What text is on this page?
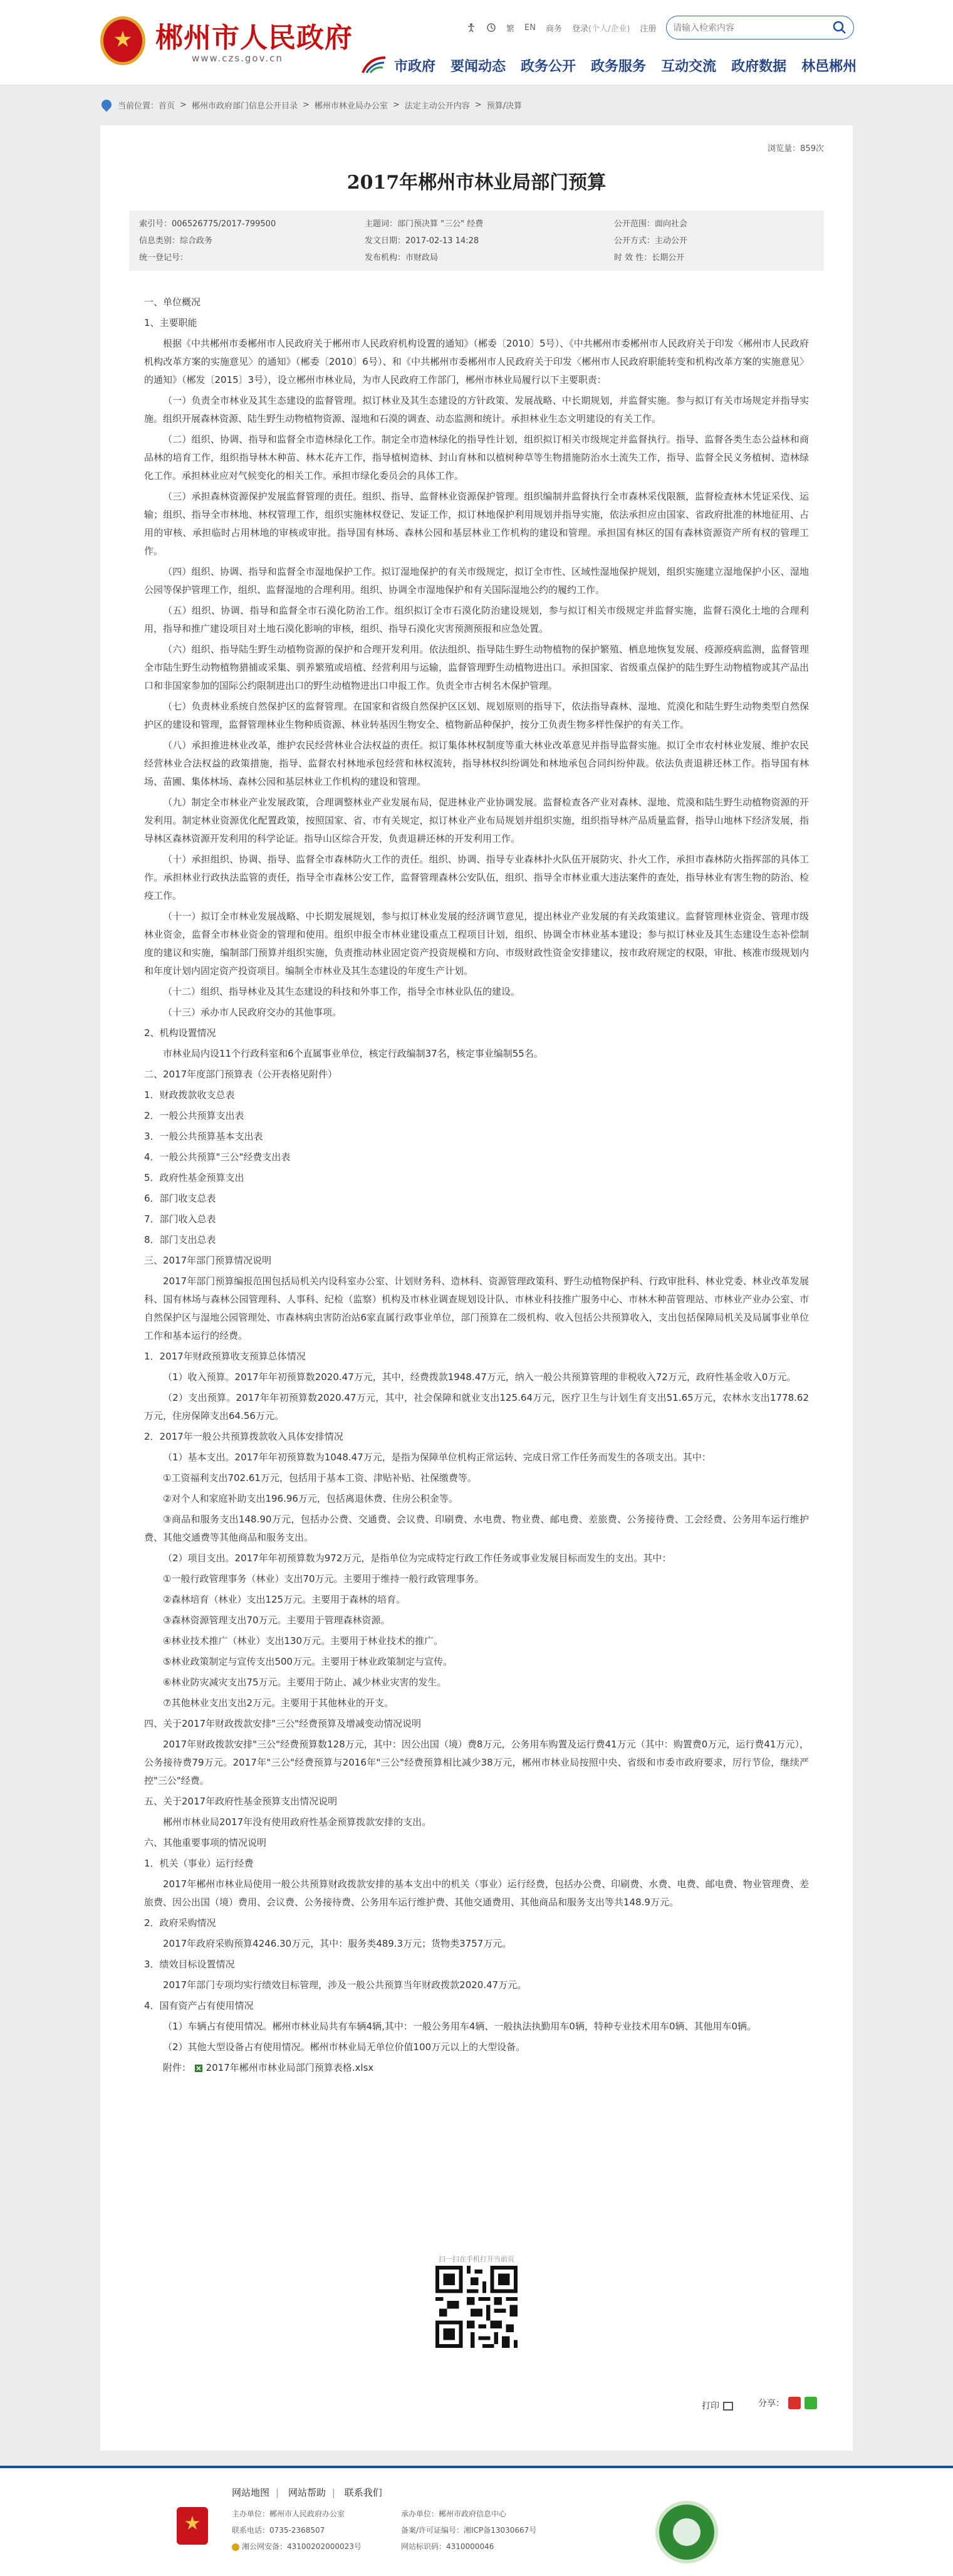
郴州市人民政府
www.czs.gov.cn
繁 EN 商务 登录 (个人/企业) 注册
请输入检索内容
市政府 要闻动态 政务公开 政务服务 互动交流 政府数据 林邑郴州
当前位置： 首页 > 郴州市政府部门信息公开目录 > 郴州市林业局办公室 > 法定主动公开内容 > 预算/决算
浏览量：859次
2017年郴州市林业局部门预算
索引号：006526775/2017-799500
信息类别：综合政务
统一登记号：
主题词：部门预决算 "三公" 经费
发文日期：2017-02-13 14:28
发布机构：市财政局
公开范围：面向社会
公开方式：主动公开
时 效 性：长期公开

一、单位概况

1、主要职能

根据《中共郴州市委郴州市人民政府关于郴州市人民政府机构设置的通知》（郴委〔2010〕5号）、《中共郴州市委郴州市人民政府关于印发〈郴州市人民政府机构改革方案的实施意见〉的通知》（郴委〔2010〕6号）、和《中共郴州市委郴州市人民政府关于印发〈郴州市人民政府职能转变和机构改革方案的实施意见〉的通知》（郴发〔2015〕3号），设立郴州市林业局，为市人民政府工作部门，郴州市林业局履行以下主要职责：

（一）负责全市林业及其生态建设的监督管理。拟订林业及其生态建设的方针政策、发展战略、中长期规划，并监督实施。参与拟订有关市场规定并指导实施。组织开展森林资源、陆生野生动物植物资源、湿地和石漠的调查、动态监测和统计。承担林业生态文明建设的有关工作。

（二）组织、协调、指导和监督全市造林绿化工作。制定全市造林绿化的指导性计划，组织拟订相关市级规定并监督执行。指导、监督各类生态公益林和商品林的培育工作，组织指导林木种苗、林木花卉工作，指导植树造林、封山育林和以植树种草等生物措施防治水土流失工作，指导、监督全民义务植树、造林绿化工作。承担林业应对气候变化的相关工作。承担市绿化委员会的具体工作。

（三）承担森林资源保护发展监督管理的责任。组织、指导、监督林业资源保护管理。组织编制并监督执行全市森林采伐限额，监督检查林木凭证采伐、运输；组织、指导全市林地、林权管理工作，组织实施林权登记、发证工作，拟订林地保护利用规划并指导实施，依法承担应由国家、省政府批准的林地征用、占用的审核、承担临时占用林地的审核或审批。指导国有林场、森林公园和基层林业工作机构的建设和管理。承担国有林区的国有森林资源资产所有权的管理工作。

（四）组织、协调、指导和监督全市湿地保护工作。拟订湿地保护的有关市级规定，拟订全市性、区域性湿地保护规划，组织实施建立湿地保护小区、湿地公园等保护管理工作，组织、监督湿地的合理利用。组织、协调全市湿地保护和有关国际湿地公约的履约工作。

（五）组织、协调、指导和监督全市石漠化防治工作。组织拟订全市石漠化防治建设规划，参与拟订相关市级规定并监督实施，监督石漠化土地的合理利用，指导和推广建设项目对土地石漠化影响的审核，组织、指导石漠化灾害预测预报和应急处置。

（六）组织、指导陆生野生动植物资源的保护和合理开发利用。依法组织、指导陆生野生动物植物的保护繁殖、栖息地恢复发展、疫源疫病监测，监督管理全市陆生野生动物植物猎捕或采集、驯养繁殖或培植、经营利用与运输，监督管理野生动植物进出口。承担国家、省级重点保护的陆生野生动物植物或其产品出口和非国家参加的国际公约限制进出口的野生动植物进出口申报工作。负责全市古树名木保护管理。

（七）负责林业系统自然保护区的监督管理。在国家和省级自然保护区区划、规划原则的指导下，依法指导森林、湿地、荒漠化和陆生野生动物类型自然保护区的建设和管理，监督管理林业生物种质资源、林业转基因生物安全、植物新品种保护，按分工负责生物多样性保护的有关工作。

（八）承担推进林业改革，维护农民经营林业合法权益的责任。拟订集体林权制度等重大林业改革意见并指导监督实施。拟订全市农村林业发展、维护农民经营林业合法权益的政策措施，指导、监督农村林地承包经营和林权流转，指导林权纠纷调处和林地承包合同纠纷仲裁。依法负责退耕还林工作。指导国有林场、苗圃、集体林场、森林公园和基层林业工作机构的建设和管理。

（九）制定全市林业产业发展政策，合理调整林业产业发展布局，促进林业产业协调发展。监督检查各产业对森林、湿地、荒漠和陆生野生动植物资源的开发利用。制定林业资源优化配置政策，按照国家、省、市有关规定，拟订林业产业布局规划并组织实施，组织指导林产品质量监督，指导山地林下经济发展，指导林区森林资源开发利用的科学论证。指导山区综合开发，负责退耕还林的开发利用工作。

（十）承担组织、协调、指导、监督全市森林防火工作的责任。组织、协调、指导专业森林扑火队伍开展防灾、扑火工作，承担市森林防火指挥部的具体工作。承担林业行政执法监管的责任，指导全市森林公安工作，监督管理森林公安队伍，组织、指导全市林业重大违法案件的查处，指导林业有害生物的防治、检疫工作。

（十一）拟订全市林业发展战略、中长期发展规划，参与拟订林业发展的经济调节意见，提出林业产业发展的有关政策建议。监督管理林业资金、管理市级林业资金，监督全市林业资金的管理和使用。组织申报全市林业建设重点工程项目计划，组织、协调全市林业基本建设；参与拟订林业及其生态建设生态补偿制度的建议和实施，编制部门预算并组织实施，负责推动林业固定资产投资规模和方向、市级财政性资金安排建议，按市政府规定的权限，审批、核准市级规划内和年度计划内固定资产投资项目。编制全市林业及其生态建设的年度生产计划。

（十二）组织、指导林业及其生态建设的科技和外事工作，指导全市林业队伍的建设。

（十三）承办市人民政府交办的其他事项。

2、机构设置情况

市林业局内设11个行政科室和6个直属事业单位，核定行政编制37名，核定事业编制55名。

二、2017年度部门预算表（公开表格见附件）

1．财政拨款收支总表

2．一般公共预算支出表

3．一般公共预算基本支出表

4．一般公共预算"三公"经费支出表

5．政府性基金预算支出

6．部门收支总表

7．部门收入总表

8．部门支出总表

三、2017年部门预算情况说明

2017年部门预算编报范围包括局机关内设科室办公室、计划财务科、造林科、资源管理政策科、野生动植物保护科、行政审批科、林业党委、林业改革发展科、国有林场与森林公园管理科、人事科、纪检（监察）机构及市林业调查规划设计队、市林业科技推广服务中心、市林木种苗管理站、市林业产业办公室、市自然保护区与湿地公园管理处、市森林病虫害防治站6家直属行政事业单位，部门预算在二级机构、收入包括公共预算收入，支出包括保障局机关及局属事业单位工作和基本运行的经费。

1．2017年财政预算收支预算总体情况

（1）收入预算。2017年年初预算数2020.47万元，其中，经费拨款1948.47万元，纳入一般公共预算管理的非税收入72万元，政府性基金收入0万元。

（2）支出预算。2017年年初预算数2020.47万元，其中，社会保障和就业支出125.64万元，医疗卫生与计划生育支出51.65万元，农林水支出1778.62万元，住房保障支出64.56万元。

2．2017年一般公共预算拨款收入具体安排情况

（1）基本支出。2017年年初预算数为1048.47万元，是指为保障单位机构正常运转、完成日常工作任务而发生的各项支出。其中：

①工资福利支出702.61万元，包括用于基本工资、津贴补贴、社保缴费等。

②对个人和家庭补助支出196.96万元，包括离退休费、住房公积金等。

③商品和服务支出148.90万元，包括办公费、交通费、会议费、印刷费、水电费、物业费、邮电费、差旅费、公务接待费、工会经费、公务用车运行维护费、其他交通费等其他商品和服务支出。

（2）项目支出。2017年年初预算数为972万元，是指单位为完成特定行政工作任务或事业发展目标而发生的支出。其中：

①一般行政管理事务（林业）支出70万元。主要用于维持一般行政管理事务。

②森林培育（林业）支出125万元。主要用于森林的培育。

③森林资源管理支出70万元。主要用于管理森林资源。

④林业技术推广（林业）支出130万元。主要用于林业技术的推广。

⑤林业政策制定与宣传支出500万元。主要用于林业政策制定与宣传。

⑥林业防灾减灾支出75万元。主要用于防止、减少林业灾害的发生。

⑦其他林业支出支出2万元。主要用于其他林业的开支。

四、关于2017年财政拨款安排"三公"经费预算及增减变动情况说明

2017年财政拨款安排"三公"经费预算数128万元，其中：因公出国（境）费8万元，公务用车购置及运行费41万元（其中：购置费0万元，运行费41万元），公务接待费79万元。2017年"三公"经费预算与2016年"三公"经费预算相比减少38万元，郴州市林业局按照中央、省级和市委市政府要求，厉行节俭，继续严控"三公"经费。

五、关于2017年政府性基金预算支出情况说明

郴州市林业局2017年没有使用政府性基金预算拨款安排的支出。

六、其他重要事项的情况说明

1．机关（事业）运行经费

2017年郴州市林业局使用一般公共预算财政拨款安排的基本支出中的机关（事业）运行经费，包括办公费、印刷费、水费、电费、邮电费、物业管理费、差旅费、因公出国（境）费用、会议费、公务接待费、公务用车运行维护费、其他交通费用、其他商品和服务支出等共148.9万元。

2．政府采购情况

2017年政府采购预算4246.30万元，其中：服务类489.3万元；货物类3757万元。

3．绩效目标设置情况

2017年部门专项均实行绩效目标管理，涉及一般公共预算当年财政拨款2020.47万元。

4．国有资产占有使用情况

（1）车辆占有使用情况。郴州市林业局共有车辆4辆,其中：一般公务用车4辆、一般执法执勤用车0辆，特种专业技术用车0辆、其他用车0辆。

（2）其他大型设备占有使用情况。郴州市林业局无单位价值100万元以上的大型设备。

附件： 2017年郴州市林业局部门预算表格.xlsx

扫一扫在手机打开当前页
打印	分享：
网站地图 | 网站帮助 | 联系我们
主办单位：郴州市人民政府办公室
联系电话：0735-2368507
湘公网安备：43100202000023号
承办单位：郴州市政府信息中心
备案/许可证编号：湘ICP备13030667号
网站标识码：4310000046
